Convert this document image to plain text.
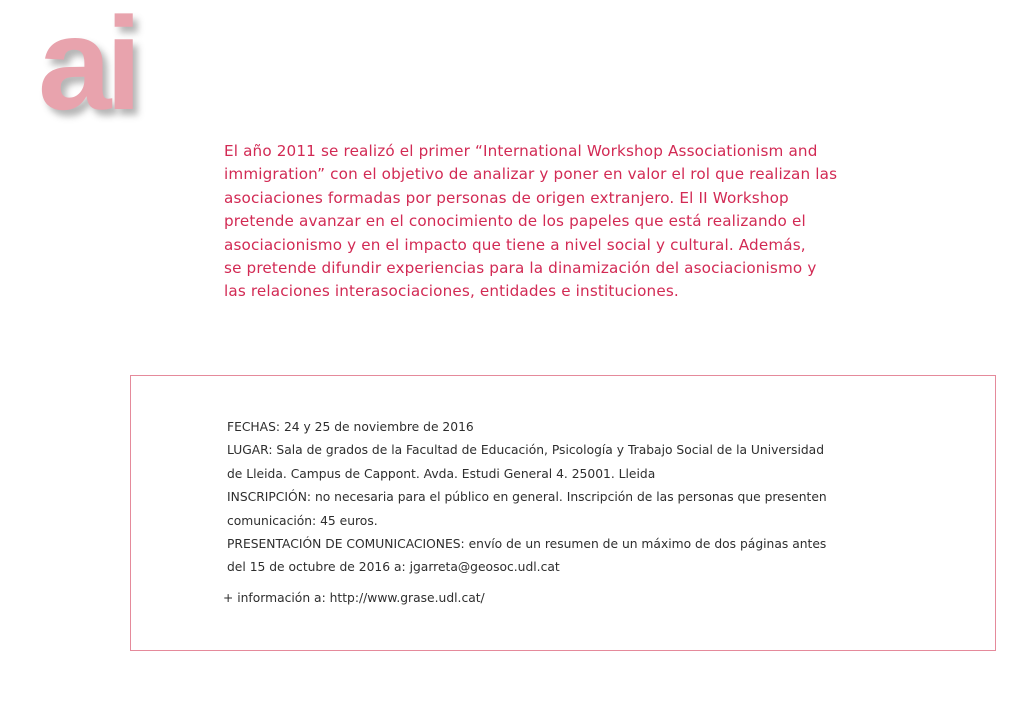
ai
El año 2011 se realizó el primer “International Workshop Associationism and
immigration” con el objetivo de analizar y poner en valor el rol que realizan las
asociaciones formadas por personas de origen extranjero. El II Workshop
pretende avanzar en el conocimiento de los papeles que está realizando el
asociacionismo y en el impacto que tiene a nivel social y cultural. Además,
se pretende difundir experiencias para la dinamización del asociacionismo y
las relaciones interasociaciones, entidades e instituciones.

FECHAS: 24 y 25 de noviembre de 2016

LUGAR: Sala de grados de la Facultad de Educación, Psicología y Trabajo Social de la Universidad

de Lleida. Campus de Cappont. Avda. Estudi General 4. 25001. Lleida

INSCRIPCIÓN: no necesaria para el público en general. Inscripción de las personas que presenten

comunicación: 45 euros.

PRESENTACIÓN DE COMUNICACIONES: envío de un resumen de un máximo de dos páginas antes

del 15 de octubre de 2016 a: jgarreta@geosoc.udl.cat

+ información a: http://www.grase.udl.cat/
